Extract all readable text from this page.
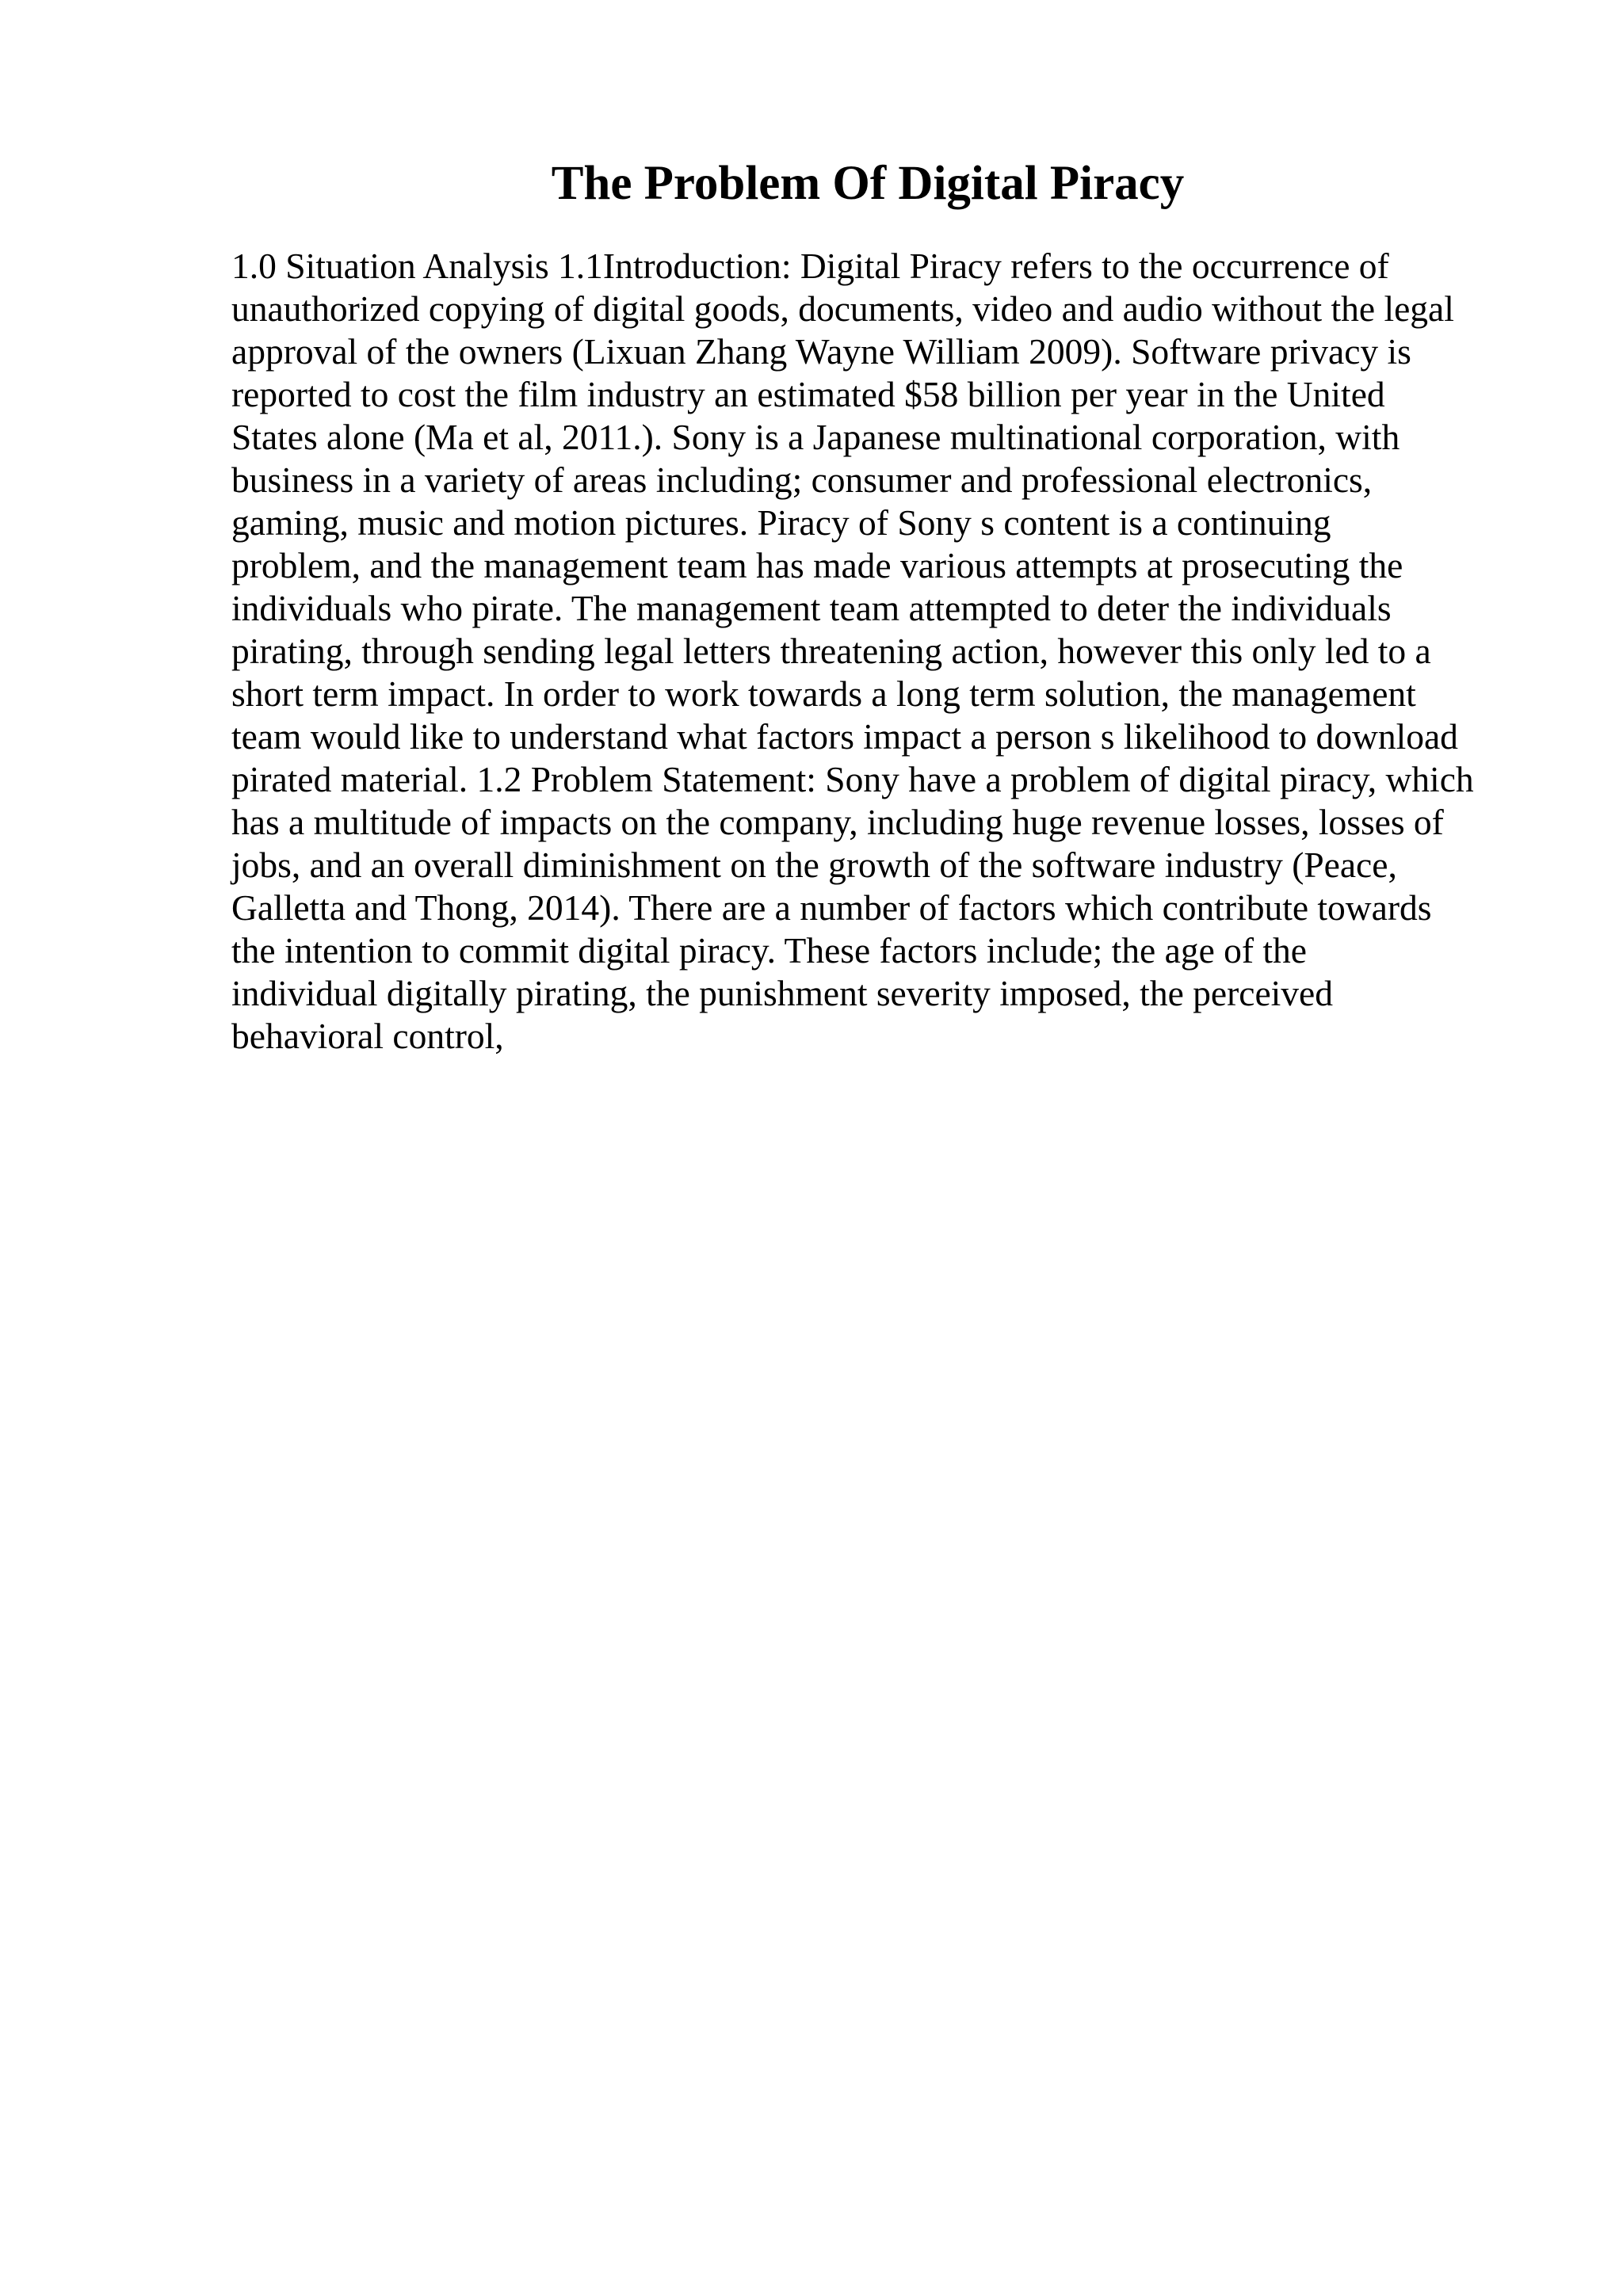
The Problem Of Digital Piracy
1.0 Situation Analysis 1.1Introduction: Digital Piracy refers to the occurrence of
unauthorized copying of digital goods, documents, video and audio without the legal
approval of the owners (Lixuan Zhang Wayne William 2009). Software privacy is
reported to cost the film industry an estimated $58 billion per year in the United
States alone (Ma et al, 2011.). Sony is a Japanese multinational corporation, with
business in a variety of areas including; consumer and professional electronics,
gaming, music and motion pictures. Piracy of Sony s content is a continuing
problem, and the management team has made various attempts at prosecuting the
individuals who pirate. The management team attempted to deter the individuals
pirating, through sending legal letters threatening action, however this only led to a
short term impact. In order to work towards a long term solution, the management
team would like to understand what factors impact a person s likelihood to download
pirated material. 1.2 Problem Statement: Sony have a problem of digital piracy, which
has a multitude of impacts on the company, including huge revenue losses, losses of
jobs, and an overall diminishment on the growth of the software industry (Peace,
Galletta and Thong, 2014). There are a number of factors which contribute towards
the intention to commit digital piracy. These factors include; the age of the
individual digitally pirating, the punishment severity imposed, the perceived
behavioral control,
